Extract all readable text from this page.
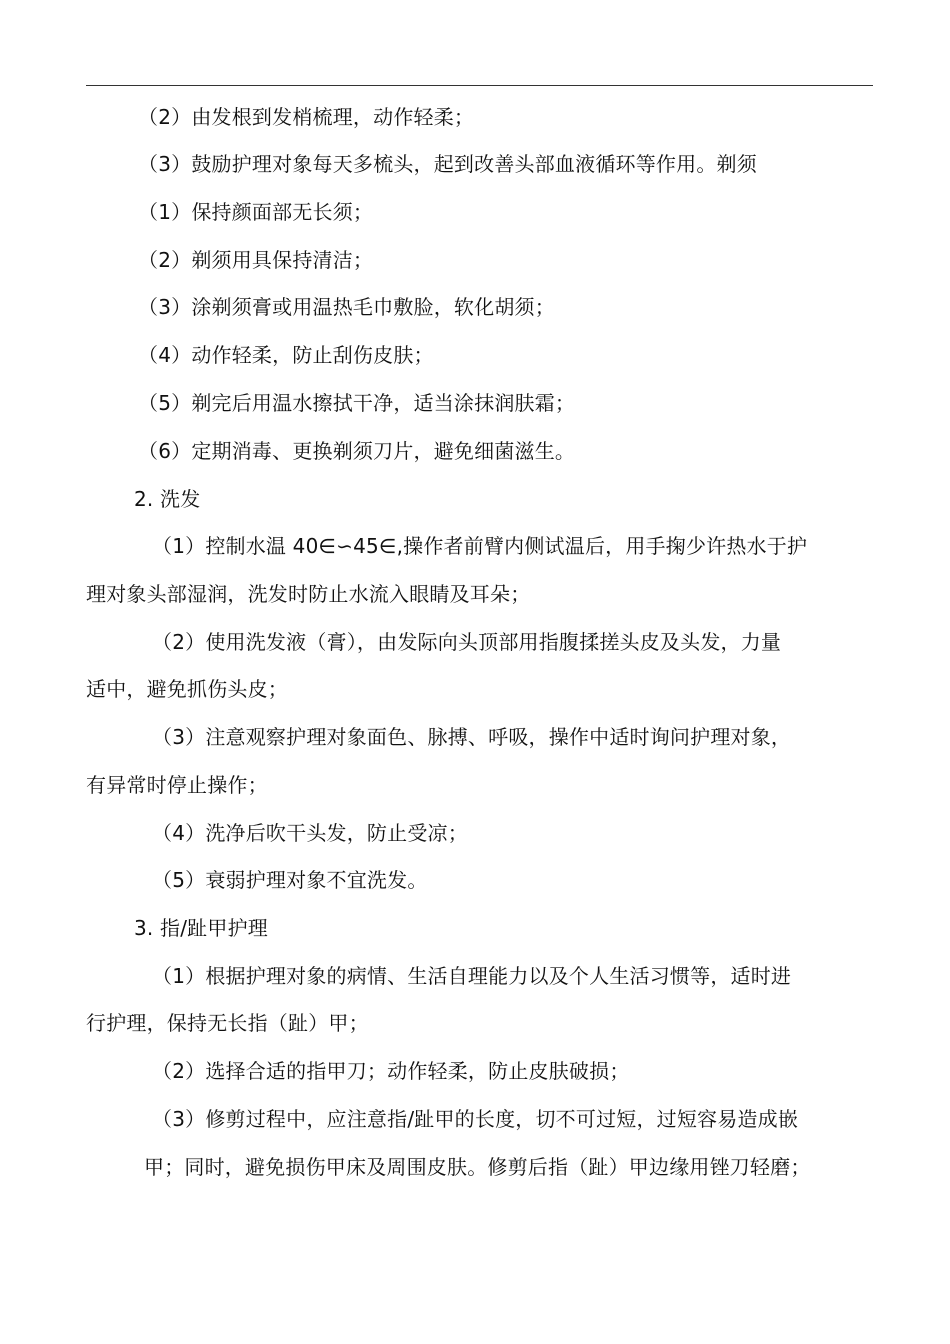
（2）由发根到发梢梳理，动作轻柔；
（3）鼓励护理对象每天多梳头，起到改善头部血液循环等作用。剃须
（1）保持颜面部无长须；
（2）剃须用具保持清洁；
（3）涂剃须膏或用温热毛巾敷脸，软化胡须；
（4）动作轻柔，防止刮伤皮肤；
（5）剃完后用温水擦拭干净，适当涂抹润肤霜；
（6）定期消毒、更换剃须刀片，避免细菌滋生。
2. 洗发
（1）控制水温 40∈∽45∈,操作者前臂内侧试温后，用手掬少许热水于护
理对象头部湿润，洗发时防止水流入眼睛及耳朵；
（2）使用洗发液（膏），由发际向头顶部用指腹揉搓头皮及头发，力量
适中，避免抓伤头皮；
（3）注意观察护理对象面色、脉搏、呼吸，操作中适时询问护理对象，
有异常时停止操作；
（4）洗净后吹干头发，防止受凉；
（5）衰弱护理对象不宜洗发。
3. 指/趾甲护理
（1）根据护理对象的病情、生活自理能力以及个人生活习惯等，适时进
行护理，保持无长指（趾）甲；
（2）选择合适的指甲刀；动作轻柔，防止皮肤破损；
（3）修剪过程中，应注意指/趾甲的长度，切不可过短，过短容易造成嵌
甲；同时，避免损伤甲床及周围皮肤。修剪后指（趾）甲边缘用锉刀轻磨；
